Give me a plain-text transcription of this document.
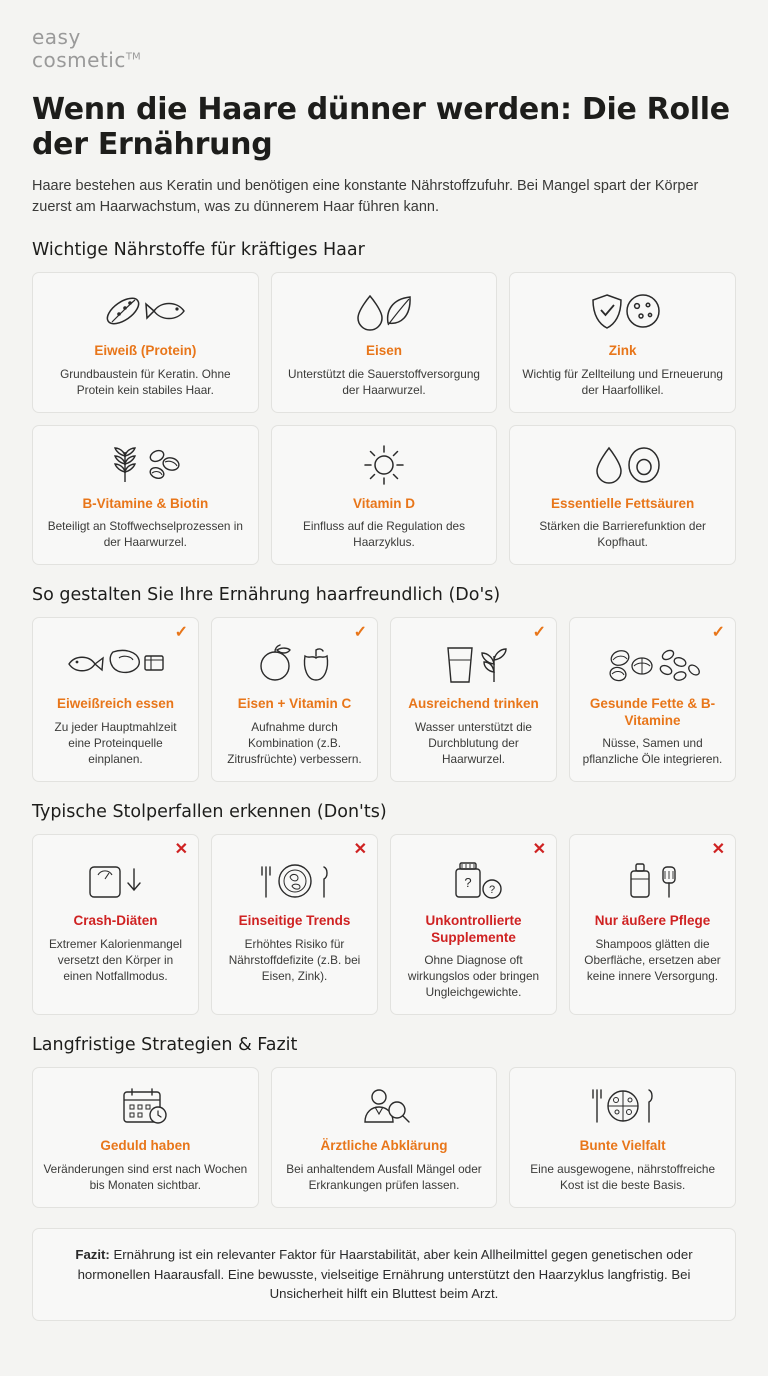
easy
cosmetic™
Wenn die Haare dünner werden: Die Rolle der Ernährung

Haare bestehen aus Keratin und benötigen eine konstante Nährstoffzufuhr. Bei Mangel spart der Körper zuerst am Haarwachstum, was zu dünnerem Haar führen kann.

Wichtige Nährstoffe für kräftiges Haar
Eiweiß (Protein)
Grundbaustein für Keratin. Ohne Protein kein stabiles Haar.
Eisen
Unterstützt die Sauerstoffversorgung der Haarwurzel.
Zink
Wichtig für Zellteilung und Erneuerung der Haarfollikel.
B-Vitamine & Biotin
Beteiligt an Stoffwechselprozessen in der Haarwurzel.
Vitamin D
Einfluss auf die Regulation des Haarzyklus.
Essentielle Fettsäuren
Stärken die Barrierefunktion der Kopfhaut.
So gestalten Sie Ihre Ernährung haarfreundlich (Do's)
✓
Eiweißreich essen
Zu jeder Hauptmahlzeit eine Proteinquelle einplanen.
✓
Eisen + Vitamin C
Aufnahme durch Kombination (z.B. Zitrusfrüchte) verbessern.
✓
Ausreichend trinken
Wasser unterstützt die Durchblutung der Haarwurzel.
✓
Gesunde Fette & B-Vitamine
Nüsse, Samen und pflanzliche Öle integrieren.
Typische Stolperfallen erkennen (Don'ts)
✕
Crash-Diäten
Extremer Kalorienmangel versetzt den Körper in einen Notfallmodus.
✕
Einseitige Trends
Erhöhtes Risiko für Nährstoffdefizite (z.B. bei Eisen, Zink).
✕
? ?
Unkontrollierte Supplemente
Ohne Diagnose oft wirkungslos oder bringen Ungleichgewichte.
✕
Nur äußere Pflege
Shampoos glätten die Oberfläche, ersetzen aber keine innere Versorgung.
Langfristige Strategien & Fazit
Geduld haben
Veränderungen sind erst nach Wochen bis Monaten sichtbar.
Ärztliche Abklärung
Bei anhaltendem Ausfall Mängel oder Erkrankungen prüfen lassen.
Bunte Vielfalt
Eine ausgewogene, nährstoffreiche Kost ist die beste Basis.
Fazit: Ernährung ist ein relevanter Faktor für Haarstabilität, aber kein Allheilmittel gegen genetischen oder hormonellen Haarausfall. Eine bewusste, vielseitige Ernährung unterstützt den Haarzyklus langfristig. Bei Unsicherheit hilft ein Bluttest beim Arzt.
